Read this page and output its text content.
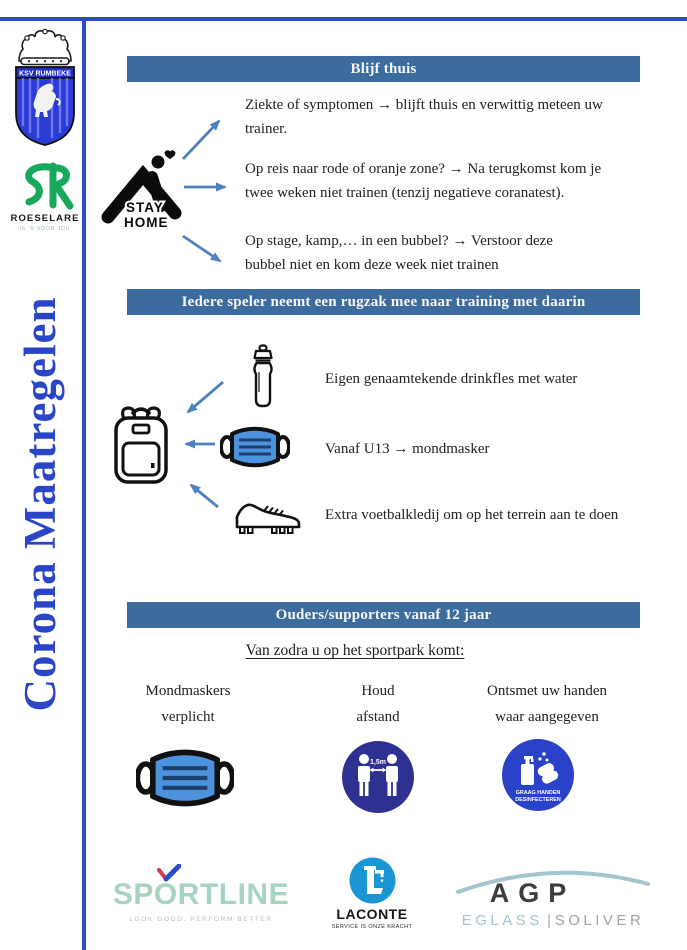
KSV RUMBEKE
ROESELARE
IS 'R VOOR JOU
Corona Maatregelen
Blijf thuis
Iedere speler neemt een rugzak mee naar training met daarin
Ouders/supporters vanaf 12 jaar
STAY
HOME
Ziekte of symptomen → blijft thuis en verwittig meteen uw trainer.
Op reis naar rode of oranje zone? → Na terugkomst kom je twee weken niet trainen (tenzij negatieve coranatest).
Op stage, kamp,… in een bubbel? → Verstoor deze bubbel niet en kom deze week niet trainen
Eigen genaamtekende drinkfles met water
Vanaf U13 → mondmasker
Extra voetbalkledij om op het terrein aan te doen
Van zodra u op het sportpark komt:
Mondmaskers verplicht
Houd afstand
Ontsmet uw handen waar aangegeven
1,5m
GRAAG HANDEN
DESINFECTEREN
SPORTLINE
LOOK GOOD. PERFORM BETTER	LACONTE
SERVICE IS ONZE KRACHT
AGP
EGLASS SOLIVER
